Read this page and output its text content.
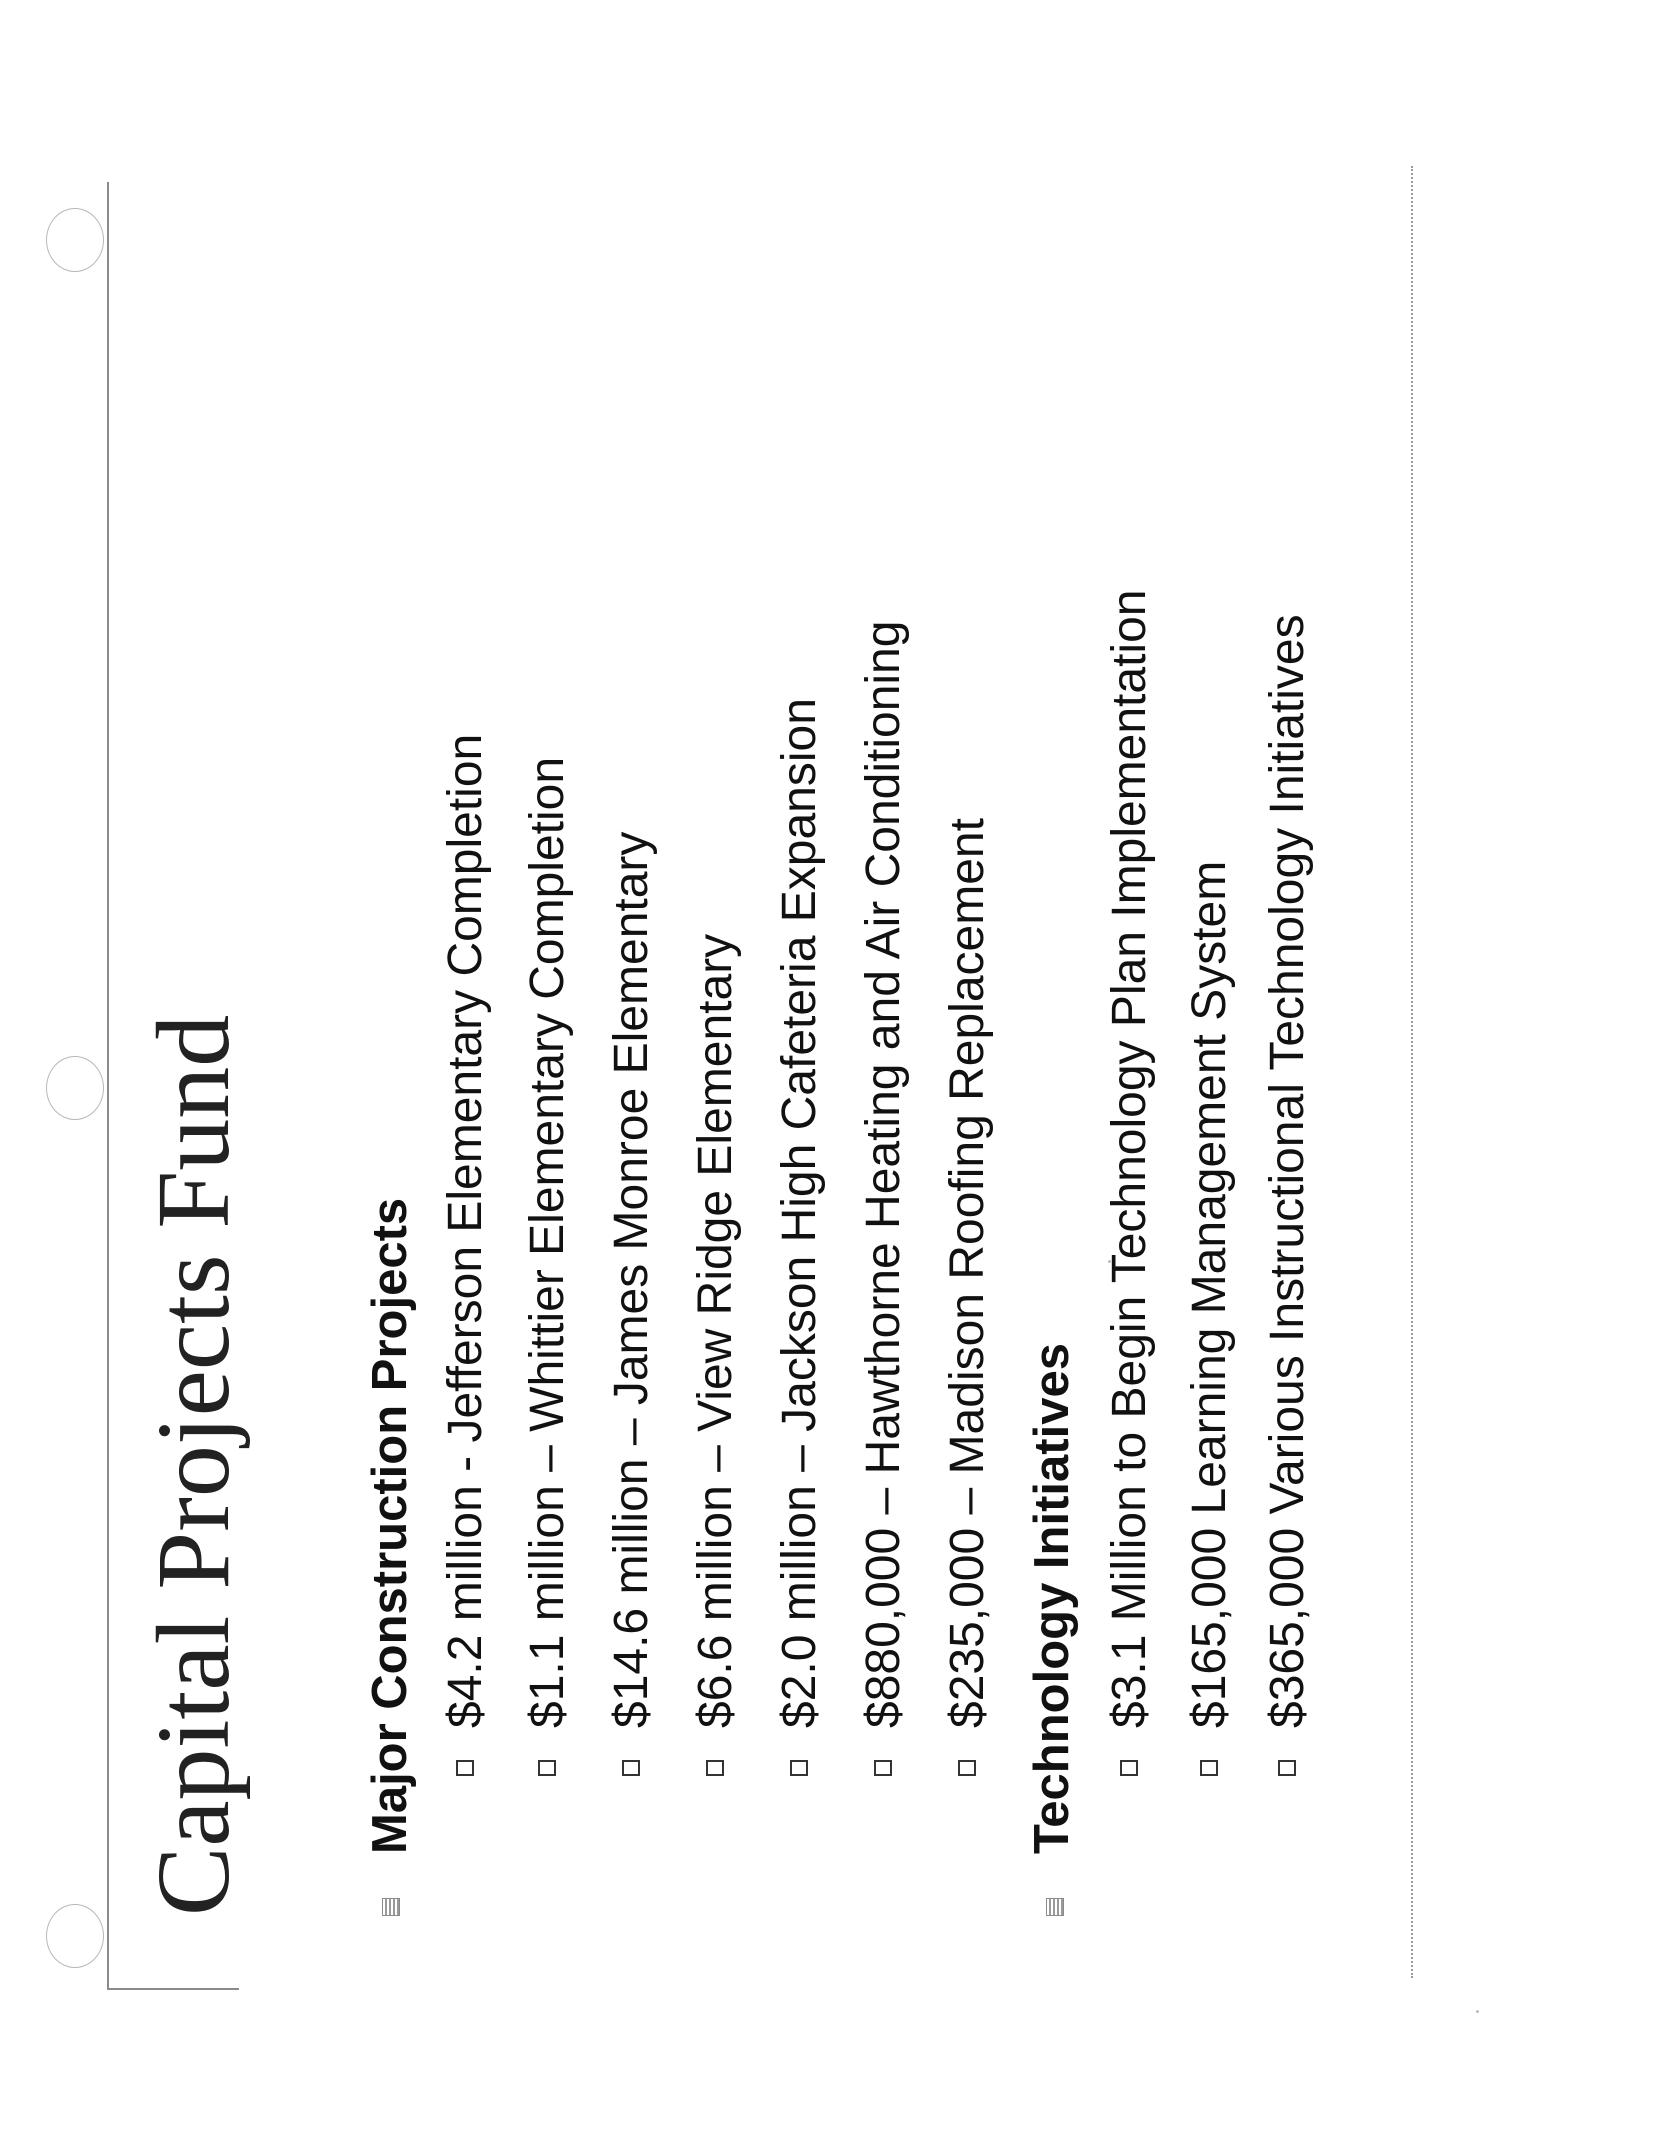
Capital Projects Fund	Major Construction Projects $4.2 million - Jefferson Elementary Completion $1.1 million – Whittier Elementary Completion $14.6 million – James Monroe Elementary $6.6 million – View Ridge Elementary $2.0 million – Jackson High Cafeteria Expansion $880,000 – Hawthorne Heating and Air Conditioning $235,000 – Madison Roofing Replacement Technology Initiatives $3.1 Million to Begin Technology Plan Implementation $165,000 Learning Management System $365,000 Various Instructional Technology Initiatives
